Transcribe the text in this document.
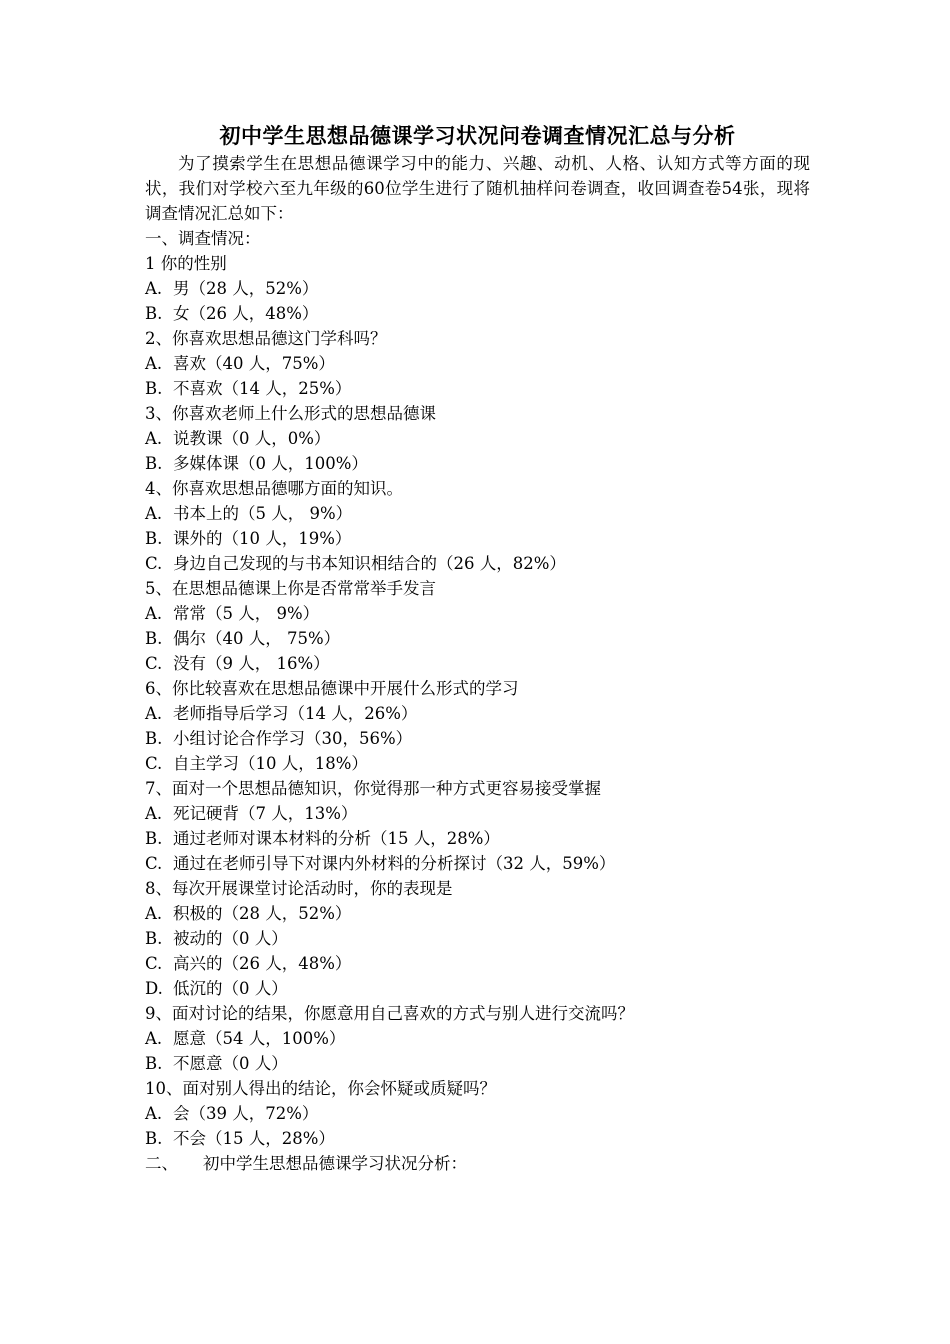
初中学生思想品德课学习状况问卷调查情况汇总与分析

为了摸索学生在思想品德课学习中的能力、兴趣、动机、人格、认知方式等方面的现状，我们对学校六至九年级的60位学生进行了随机抽样问卷调查，收回调查卷54张，现将调查情况汇总如下：

一、调查情况：
1 你的性别
A. 男（28 人，52%）
B. 女（26 人，48%）
2、你喜欢思想品德这门学科吗？
A. 喜欢（40 人，75%）
B. 不喜欢（14 人，25%）
3、你喜欢老师上什么形式的思想品德课
A. 说教课（0 人，0%）
B. 多媒体课（0 人，100%）
4、你喜欢思想品德哪方面的知识。
A. 书本上的（5 人， 9%）
B. 课外的（10 人，19%）
C. 身边自己发现的与书本知识相结合的（26 人，82%）
5、在思想品德课上你是否常常举手发言
A. 常常（5 人， 9%）
B. 偶尔（40 人， 75%）
C. 没有（9 人， 16%）
6、你比较喜欢在思想品德课中开展什么形式的学习
A. 老师指导后学习（14 人，26%）
B. 小组讨论合作学习（30，56%）
C. 自主学习（10 人，18%）
7、面对一个思想品德知识，你觉得那一种方式更容易接受掌握
A. 死记硬背（7 人，13%）
B. 通过老师对课本材料的分析（15 人，28%）
C. 通过在老师引导下对课内外材料的分析探讨（32 人，59%）
8、每次开展课堂讨论活动时，你的表现是
A. 积极的（28 人，52%）
B. 被动的（0 人）
C. 高兴的（26 人，48%）
D. 低沉的（0 人）
9、面对讨论的结果，你愿意用自己喜欢的方式与别人进行交流吗？
A. 愿意（54 人，100%）
B. 不愿意（0 人）
10、面对别人得出的结论，你会怀疑或质疑吗？
A. 会（39 人，72%）
B. 不会（15 人，28%）
二、 初中学生思想品德课学习状况分析：
